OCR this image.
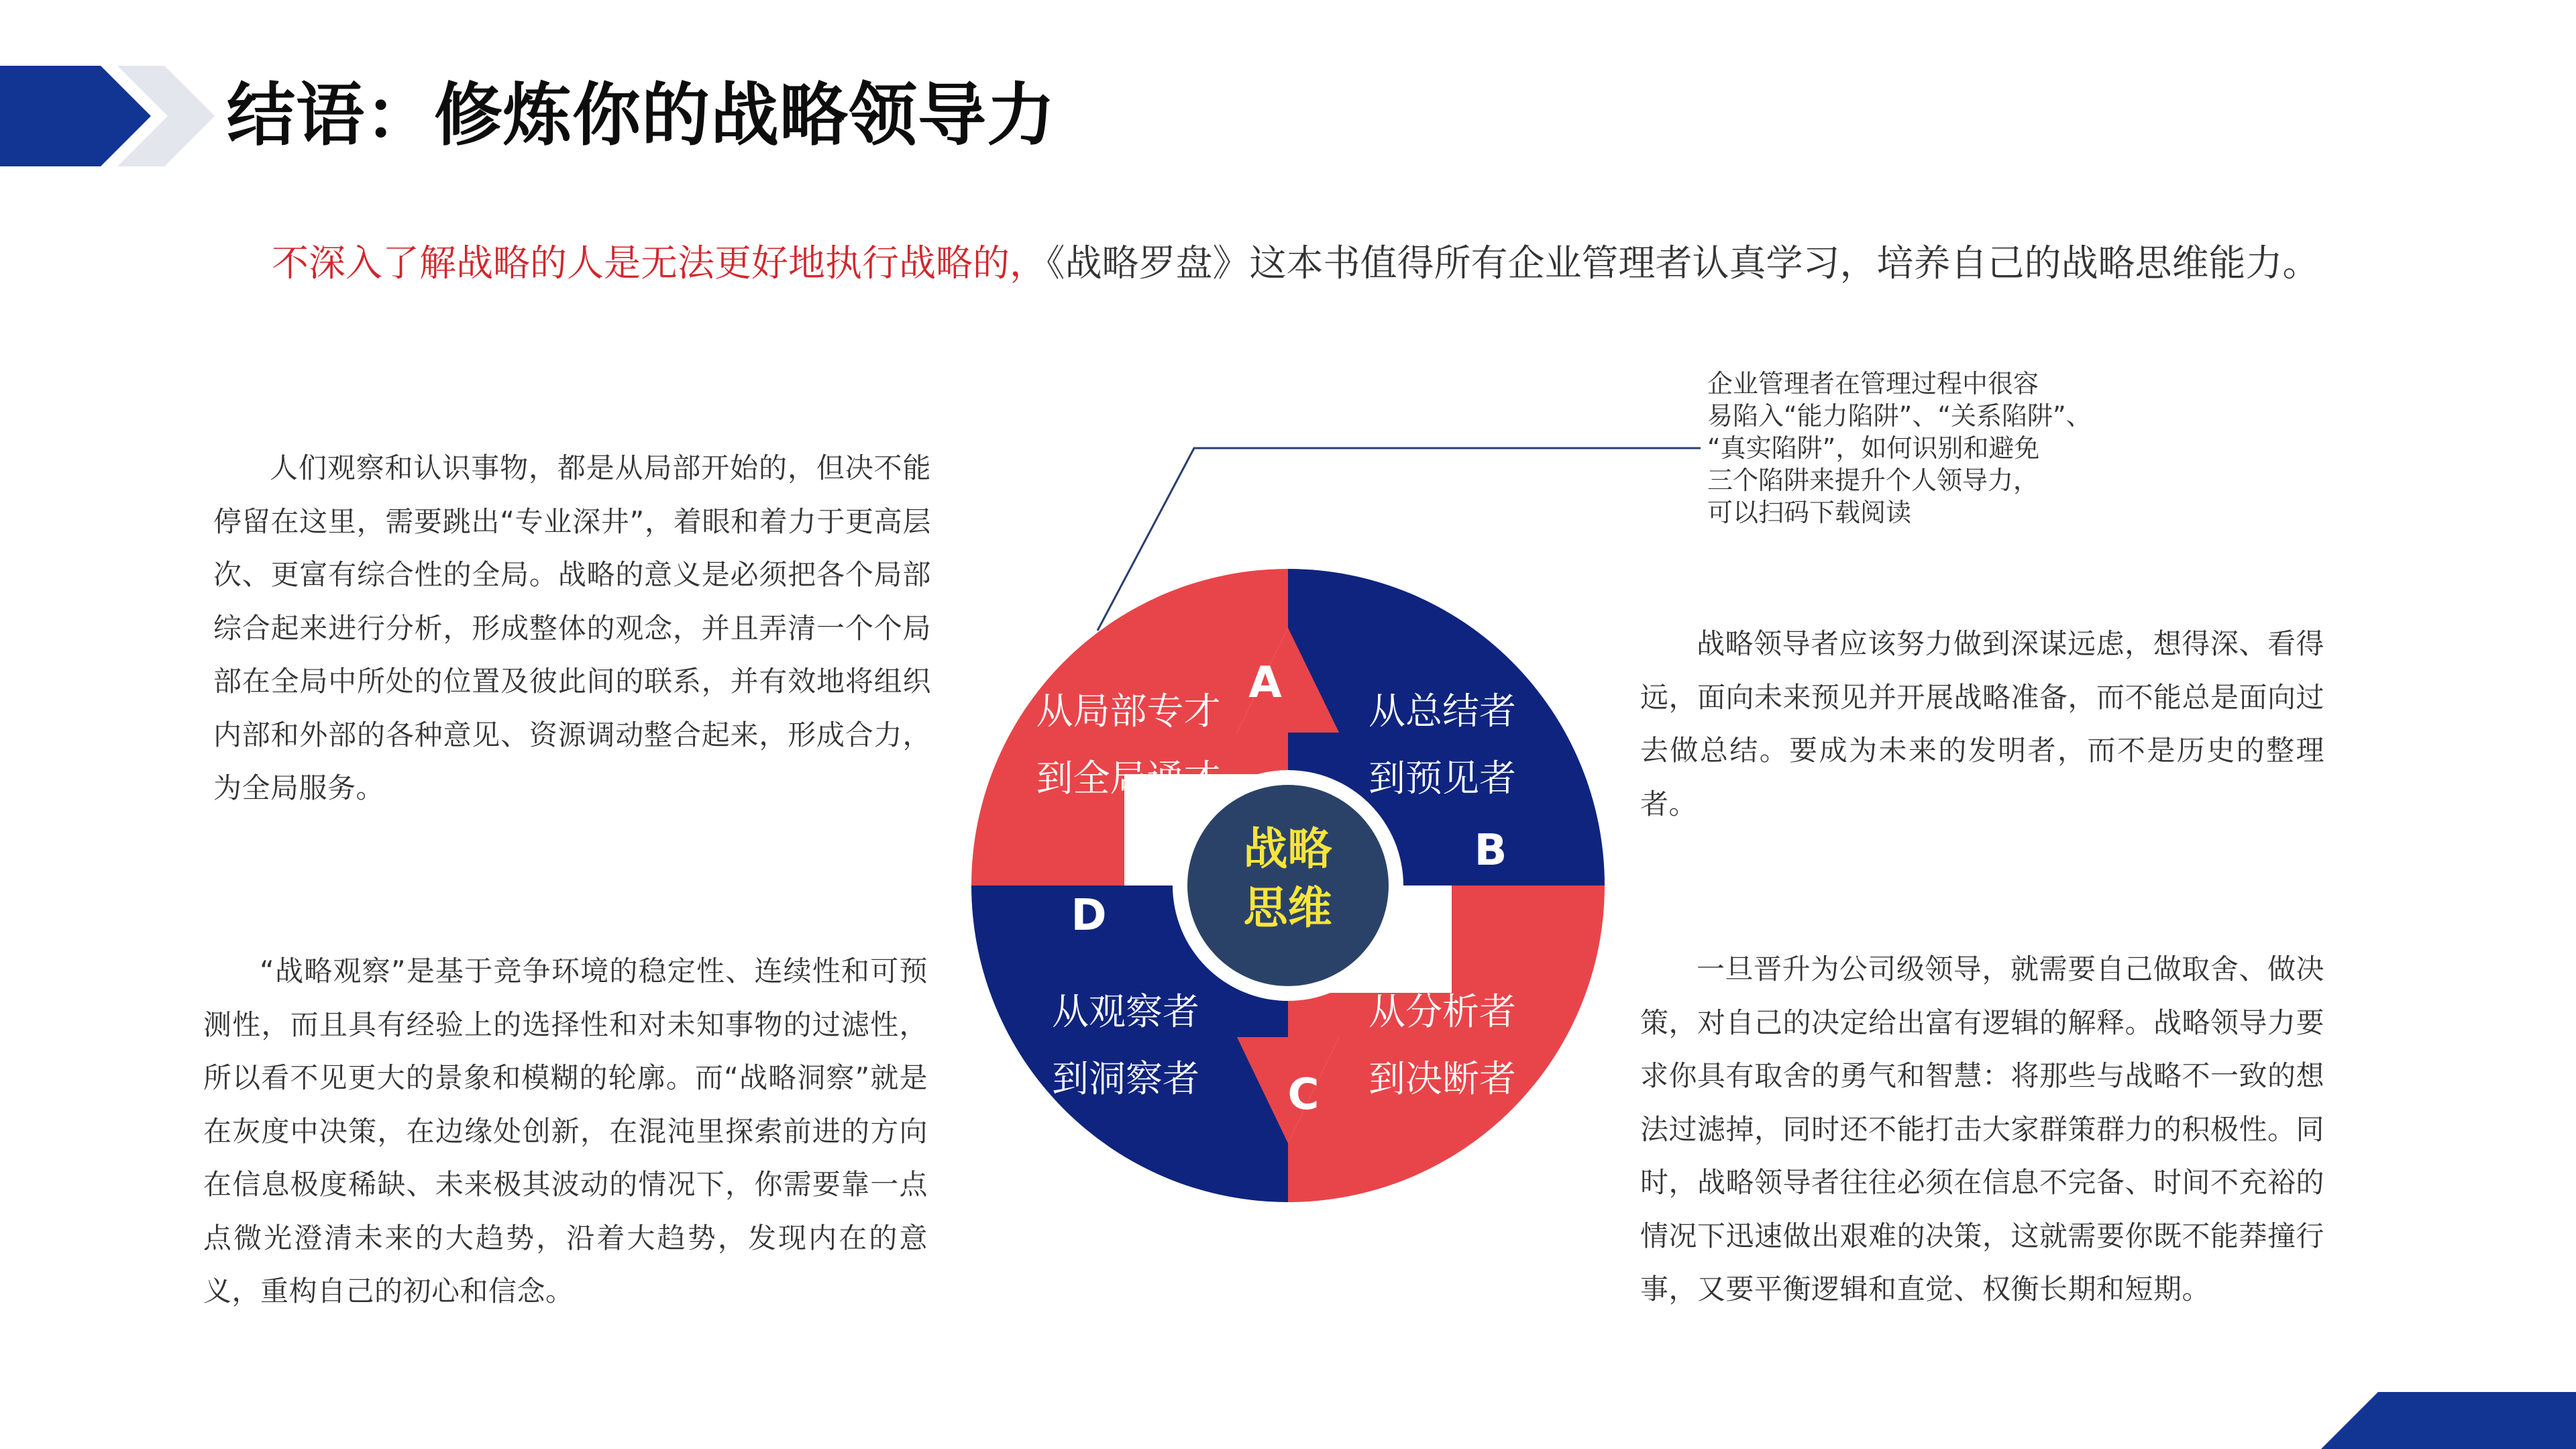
结语：修炼你的战略领导力
不深入了解战略的人是无法更好地执行战略的，《战略罗盘》这本书值得所有企业管理者认真学习，培养自己的战略思维能力。
人们观察和认识事物，都是从局部开始的，但决不能停留在这里，需要跳出“专业深井”，着眼和着力于更高层次、更富有综合性的全局。战略的意义是必须把各个局部综合起来进行分析，形成整体的观念，并且弄清一个个局部在全局中所处的位置及彼此间的联系，并有效地将组织内部和外部的各种意见、资源调动整合起来，形成合力，为全局服务。
“战略观察”是基于竞争环境的稳定性、连续性和可预测性，而且具有经验上的选择性和对未知事物的过滤性，所以看不见更大的景象和模糊的轮廓。而“战略洞察”就是在灰度中决策，在边缘处创新，在混沌里探索前进的方向在信息极度稀缺、未来极其波动的情况下，你需要靠一点点微光澄清未来的大趋势，沿着大趋势，发现内在的意义，重构自己的初心和信念。
战略领导者应该努力做到深谋远虑，想得深、看得远，面向未来预见并开展战略准备，而不能总是面向过去做总结。要成为未来的发明者，而不是历史的整理者。
一旦晋升为公司级领导，就需要自己做取舍、做决策，对自己的决定给出富有逻辑的解释。战略领导力要求你具有取舍的勇气和智慧：将那些与战略不一致的想法过滤掉，同时还不能打击大家群策群力的积极性。同时，战略领导者往往必须在信息不完备、时间不充裕的情况下迅速做出艰难的决策，这就需要你既不能莽撞行事，又要平衡逻辑和直觉、权衡长期和短期。
企业管理者在管理过程中很容
易陷入“能力陷阱”、“关系陷阱”、
“真实陷阱”，如何识别和避免
三个陷阱来提升个人领导力，
可以扫码下载阅读
A
B
C
D
从局部专才
到全局通才
从总结者
到预见者
从分析者
到决断者
从观察者
到洞察者
战略
思维
